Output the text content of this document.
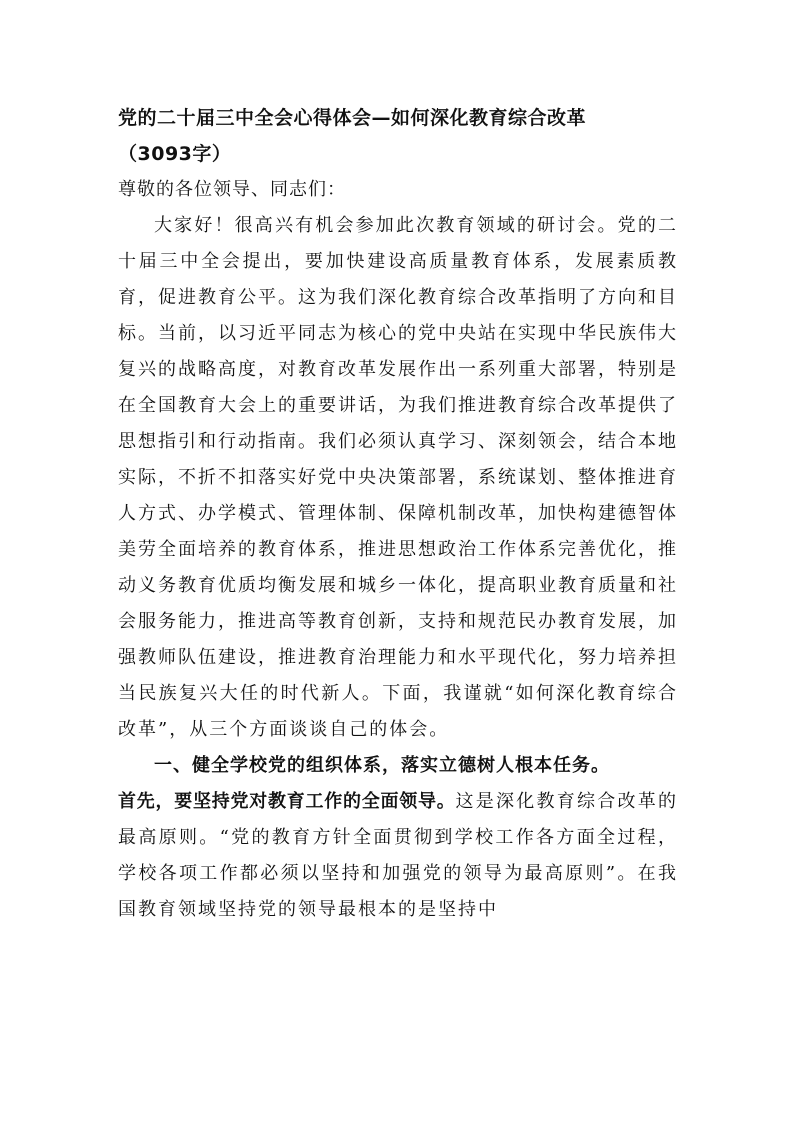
党的二十届三中全会心得体会—如何深化教育综合改革
（3093字）

尊敬的各位领导、同志们：

大家好！很高兴有机会参加此次教育领域的研讨会。党的二十届三中全会提出，要加快建设高质量教育体系，发展素质教育，促进教育公平。这为我们深化教育综合改革指明了方向和目标。当前，以习近平同志为核心的党中央站在实现中华民族伟大复兴的战略高度，对教育改革发展作出一系列重大部署，特别是在全国教育大会上的重要讲话，为我们推进教育综合改革提供了思想指引和行动指南。我们必须认真学习、深刻领会，结合本地实际，不折不扣落实好党中央决策部署，系统谋划、整体推进育人方式、办学模式、管理体制、保障机制改革，加快构建德智体美劳全面培养的教育体系，推进思想政治工作体系完善优化，推动义务教育优质均衡发展和城乡一体化，提高职业教育质量和社会服务能力，推进高等教育创新，支持和规范民办教育发展，加强教师队伍建设，推进教育治理能力和水平现代化，努力培养担当民族复兴大任的时代新人。下面，我谨就“如何深化教育综合改革”，从三个方面谈谈自己的体会。

一、健全学校党的组织体系，落实立德树人根本任务。

首先，要坚持党对教育工作的全面领导。这是深化教育综合改革的最高原则。“党的教育方针全面贯彻到学校工作各方面全过程，学校各项工作都必须以坚持和加强党的领导为最高原则”。在我国教育领域坚持党的领导最根本的是坚持中
